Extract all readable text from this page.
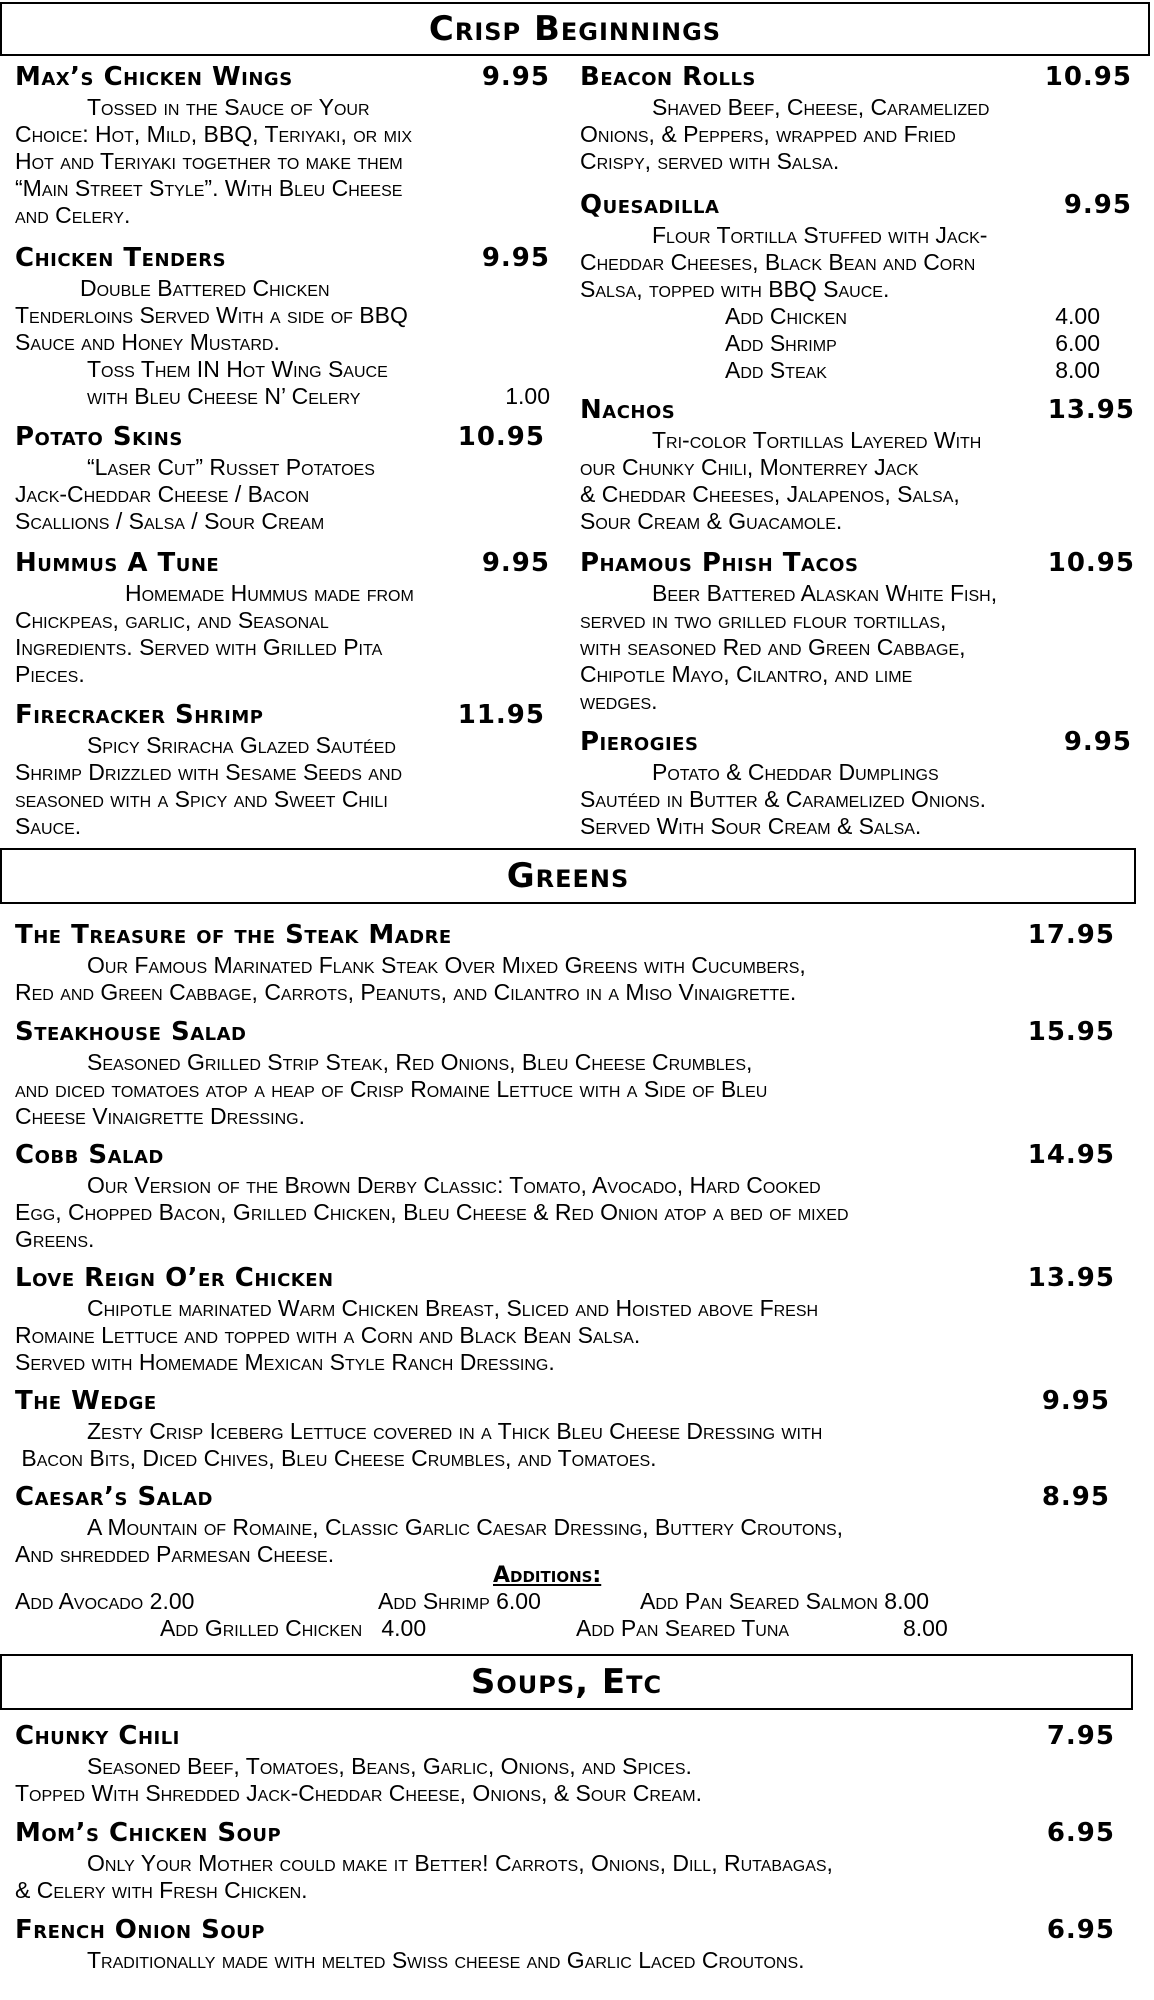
Crisp Beginnings
Greens
Soups, Etc
Max’s Chicken Wings	9.95
Tossed in the Sauce of Your
Choice: Hot, Mild, BBQ, Teriyaki, or mix
Hot and Teriyaki together to make them
“Main Street Style”. With Bleu Cheese
and Celery.
Chicken Tenders	9.95
Double Battered Chicken
Tenderloins Served With a side of BBQ
Sauce and Honey Mustard.
Toss Them IN Hot Wing Sauce
with Bleu Cheese N’ Celery	1.00
Potato Skins	10.95
“Laser Cut” Russet Potatoes
Jack-Cheddar Cheese / Bacon
Scallions / Salsa / Sour Cream
Hummus A Tune	9.95
Homemade Hummus made from
Chickpeas, garlic, and Seasonal
Ingredients. Served with Grilled Pita
Pieces.
Firecracker Shrimp	11.95
Spicy Sriracha Glazed Sautéed
Shrimp Drizzled with Sesame Seeds and
seasoned with a Spicy and Sweet Chili
Sauce.
Beacon Rolls	10.95
Shaved Beef, Cheese, Caramelized
Onions, & Peppers, wrapped and Fried
Crispy, served with Salsa.
Quesadilla	9.95
Flour Tortilla Stuffed with Jack-
Cheddar Cheeses, Black Bean and Corn
Salsa, topped with BBQ Sauce.
Add Chicken	4.00
Add Shrimp	6.00
Add Steak	8.00
Nachos	13.95
Tri-color Tortillas Layered With
our Chunky Chili, Monterrey Jack
& Cheddar Cheeses, Jalapenos, Salsa,
Sour Cream & Guacamole.
Phamous Phish Tacos	10.95
Beer Battered Alaskan White Fish,
served in two grilled flour tortillas,
with seasoned Red and Green Cabbage,
Chipotle Mayo, Cilantro, and lime
wedges.
Pierogies	9.95
Potato & Cheddar Dumplings
Sautéed in Butter & Caramelized Onions.
Served With Sour Cream & Salsa.
The Treasure of the Steak Madre	17.95
Our Famous Marinated Flank Steak Over Mixed Greens with Cucumbers,
Red and Green Cabbage, Carrots, Peanuts, and Cilantro in a Miso Vinaigrette.
Steakhouse Salad	15.95
Seasoned Grilled Strip Steak, Red Onions, Bleu Cheese Crumbles,
and diced tomatoes atop a heap of Crisp Romaine Lettuce with a Side of Bleu
Cheese Vinaigrette Dressing.
Cobb Salad	14.95
Our Version of the Brown Derby Classic: Tomato, Avocado, Hard Cooked
Egg, Chopped Bacon, Grilled Chicken, Bleu Cheese & Red Onion atop a bed of mixed
Greens.
Love Reign O’er Chicken	13.95
Chipotle marinated Warm Chicken Breast, Sliced and Hoisted above Fresh
Romaine Lettuce and topped with a Corn and Black Bean Salsa.
Served with Homemade Mexican Style Ranch Dressing.
The Wedge	9.95
Zesty Crisp Iceberg Lettuce covered in a Thick Bleu Cheese Dressing with
Bacon Bits, Diced Chives, Bleu Cheese Crumbles, and Tomatoes.
Caesar’s Salad	8.95
A Mountain of Romaine, Classic Garlic Caesar Dressing, Buttery Croutons,
And shredded Parmesan Cheese.
Additions:
Add Avocado 2.00	Add Shrimp 6.00	Add Pan Seared Salmon 8.00
Add Grilled Chicken   4.00	Add Pan Seared Tuna	8.00
Chunky Chili	7.95
Seasoned Beef, Tomatoes, Beans, Garlic, Onions, and Spices.
Topped With Shredded Jack-Cheddar Cheese, Onions, & Sour Cream.
Mom’s Chicken Soup	6.95
Only Your Mother could make it Better! Carrots, Onions, Dill, Rutabagas,
& Celery with Fresh Chicken.
French Onion Soup	6.95
Traditionally made with melted Swiss cheese and Garlic Laced Croutons.
